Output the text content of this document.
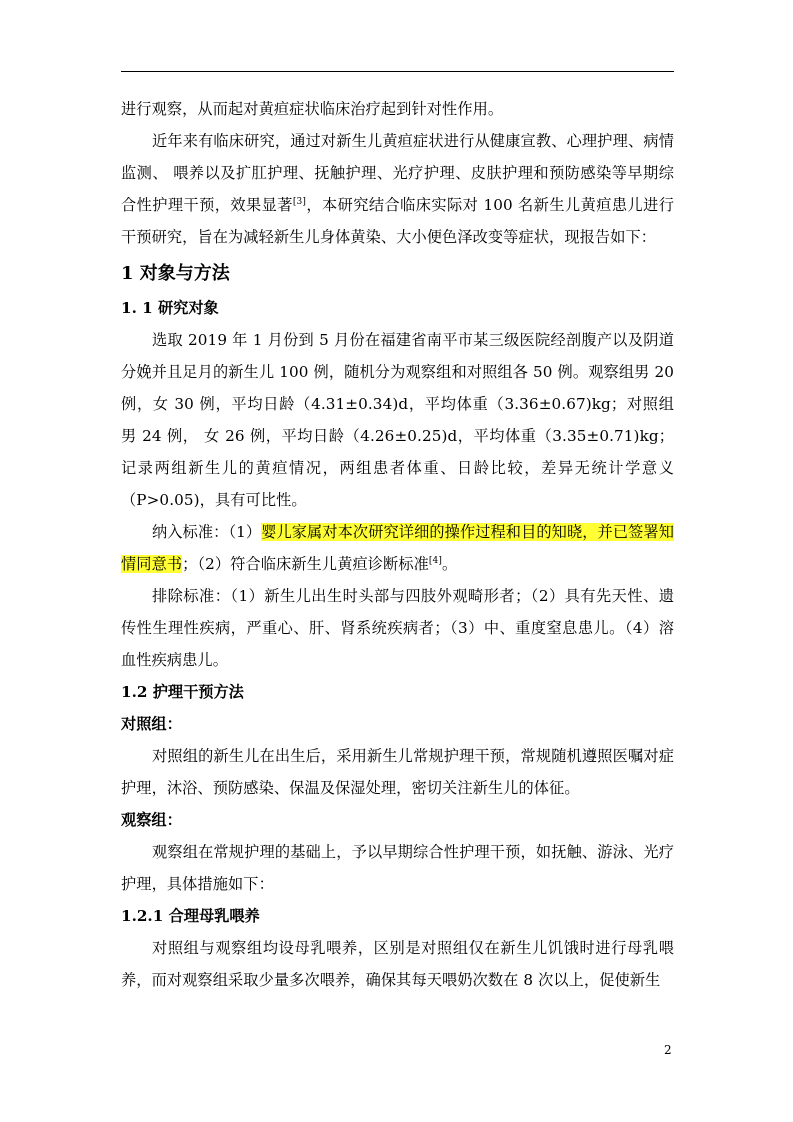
进行观察，从而起对黄疸症状临床治疗起到针对性作用。

近年来有临床研究，通过对新生儿黄疸症状进行从健康宣教、心理护理、病情监测、 喂养以及扩肛护理、抚触护理、光疗护理、皮肤护理和预防感染等早期综合性护理干预，效果显著[3]，本研究结合临床实际对 100 名新生儿黄疸患儿进行干预研究，旨在为减轻新生儿身体黄染、大小便色泽改变等症状，现报告如下：

1 对象与方法
1. 1 研究对象

选取 2019 年 1 月份到 5 月份在福建省南平市某三级医院经剖腹产以及阴道分娩并且足月的新生儿 100 例，随机分为观察组和对照组各 50 例。观察组男 20 例，女 30 例，平均日龄（4.31±0.34)d，平均体重（3.36±0.67)kg；对照组男 24 例， 女 26 例，平均日龄（4.26±0.25)d，平均体重（3.35±0.71)kg；记录两组新生儿的黄疸情况，两组患者体重、日龄比较，差异无统计学意义（P>0.05)，具有可比性。

纳入标准：（1）婴儿家属对本次研究详细的操作过程和目的知晓，并已签署知情同意书；（2）符合临床新生儿黄疸诊断标准[4]。

排除标准：（1）新生儿出生时头部与四肢外观畸形者；（2）具有先天性、遗传性生理性疾病，严重心、肝、肾系统疾病者；（3）中、重度窒息患儿。（4）溶血性疾病患儿。

1.2 护理干预方法
对照组：

对照组的新生儿在出生后，采用新生儿常规护理干预，常规随机遵照医嘱对症护理，沐浴、预防感染、保温及保湿处理，密切关注新生儿的体征。

观察组：

观察组在常规护理的基础上，予以早期综合性护理干预，如抚触、游泳、光疗护理，具体措施如下：

1.2.1 合理母乳喂养

对照组与观察组均设母乳喂养，区别是对照组仅在新生儿饥饿时进行母乳喂养，而对观察组采取少量多次喂养，确保其每天喂奶次数在 8 次以上，促使新生

2
